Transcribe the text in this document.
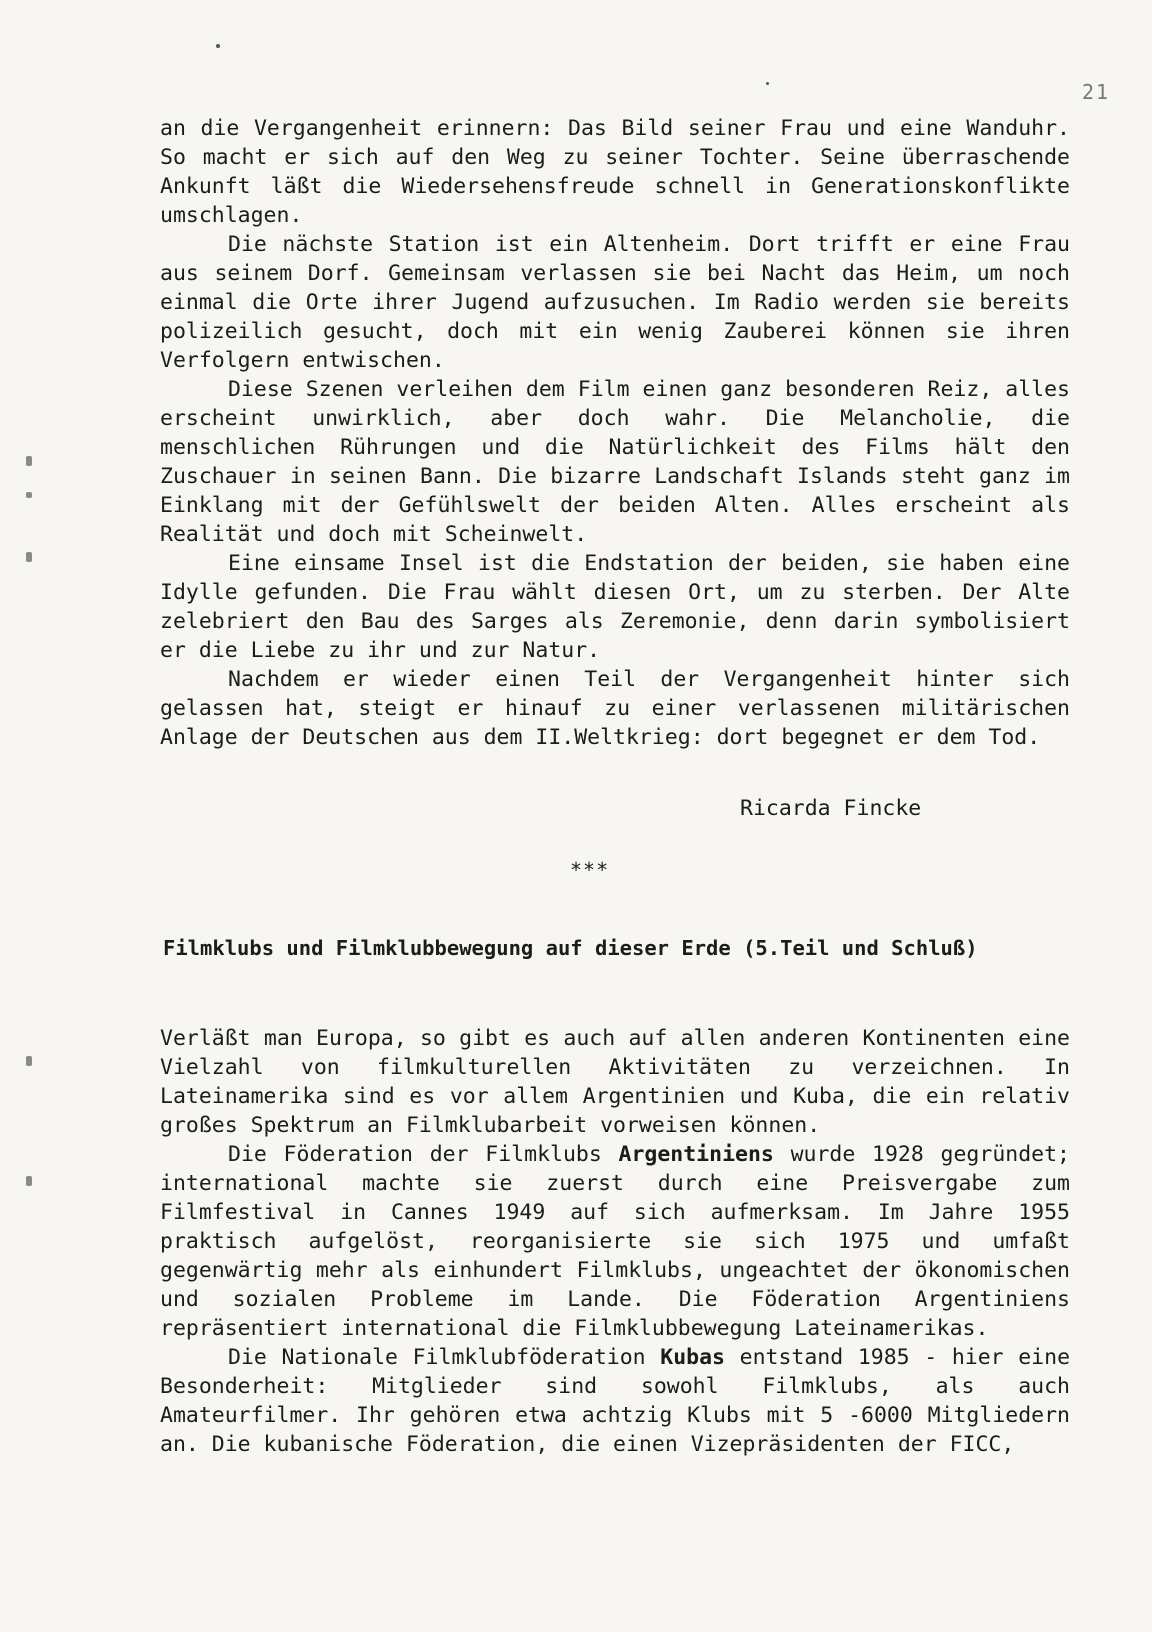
21

an die Vergangenheit erinnern: Das Bild seiner Frau und eine Wanduhr. So macht er sich auf den Weg zu seiner Tochter. Seine überraschende Ankunft läßt die Wiedersehensfreude schnell in Generationskonflikte umschlagen.

Die nächste Station ist ein Altenheim. Dort trifft er eine Frau aus seinem Dorf. Gemeinsam verlassen sie bei Nacht das Heim, um noch einmal die Orte ihrer Jugend aufzusuchen. Im Radio werden sie bereits polizeilich gesucht, doch mit ein wenig Zauberei können sie ihren Verfolgern entwischen.

Diese Szenen verleihen dem Film einen ganz besonderen Reiz, alles erscheint unwirklich, aber doch wahr. Die Melancholie, die menschlichen Rührungen und die Natürlichkeit des Films hält den Zuschauer in seinen Bann. Die bizarre Landschaft Islands steht ganz im Einklang mit der Gefühlswelt der beiden Alten. Alles erscheint als Realität und doch mit Scheinwelt.

Eine einsame Insel ist die Endstation der beiden, sie haben eine Idylle gefunden. Die Frau wählt diesen Ort, um zu sterben. Der Alte zelebriert den Bau des Sarges als Zeremonie, denn darin symbolisiert er die Liebe zu ihr und zur Natur.

Nachdem er wieder einen Teil der Vergangenheit hinter sich gelassen hat, steigt er hinauf zu einer verlassenen militärischen Anlage der Deutschen aus dem II.Weltkrieg: dort begegnet er dem Tod.

Ricarda Fincke
***
Filmklubs und Filmklubbewegung auf dieser Erde (5.Teil und Schluß)

Verläßt man Europa, so gibt es auch auf allen anderen Kontinenten eine Vielzahl von filmkulturellen Aktivitäten zu verzeichnen. In Lateinamerika sind es vor allem Argentinien und Kuba, die ein relativ großes Spektrum an Filmklubarbeit vorweisen können.

Die Föderation der Filmklubs Argentiniens wurde 1928 gegründet; international machte sie zuerst durch eine Preisvergabe zum Filmfestival in Cannes 1949 auf sich aufmerksam. Im Jahre 1955 praktisch aufgelöst, reorganisierte sie sich 1975 und umfaßt gegenwärtig mehr als einhundert Filmklubs, ungeachtet der ökonomischen und sozialen Probleme im Lande. Die Föderation Argentiniens repräsentiert international die Filmklubbewegung Lateinamerikas.

Die Nationale Filmklubföderation Kubas entstand 1985 - hier eine Besonderheit: Mitglieder sind sowohl Filmklubs, als auch Amateurfilmer. Ihr gehören etwa achtzig Klubs mit 5 -6000 Mitgliedern an. Die kubanische Föderation, die einen Vizepräsidenten der FICC,
